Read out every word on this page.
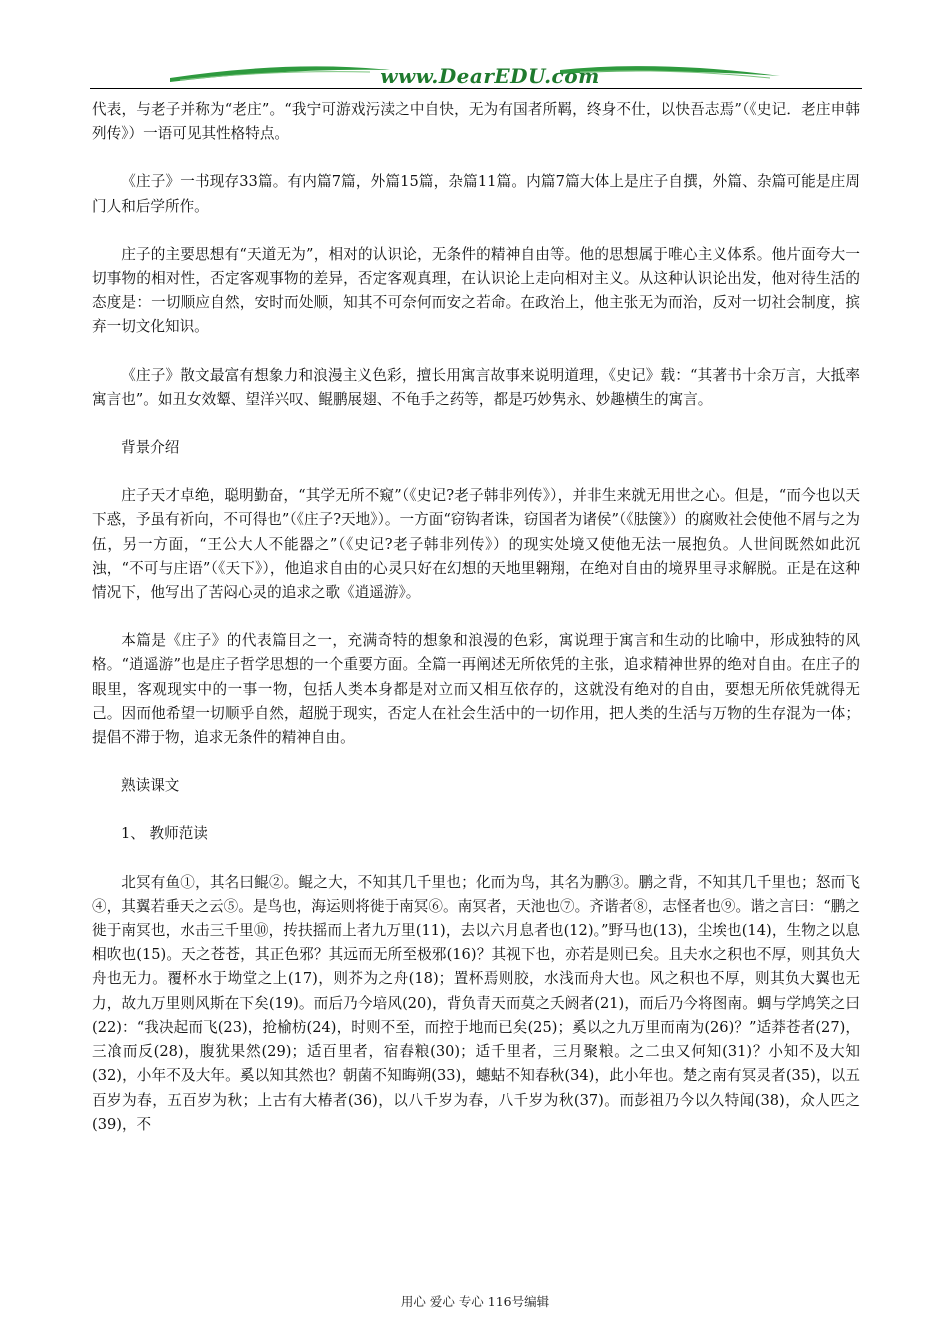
www.DearEDU.com

代表，与老子并称为“老庄”。“我宁可游戏污渎之中自快，无为有国者所羁，终身不仕，以快吾志焉”（《史记．老庄申韩列传》）一语可见其性格特点。

《庄子》一书现存33篇。有内篇7篇，外篇15篇，杂篇11篇。内篇7篇大体上是庄子自撰，外篇、杂篇可能是庄周门人和后学所作。

庄子的主要思想有“天道无为”，相对的认识论，无条件的精神自由等。他的思想属于唯心主义体系。他片面夸大一切事物的相对性，否定客观事物的差异，否定客观真理，在认识论上走向相对主义。从这种认识论出发，他对待生活的态度是：一切顺应自然，安时而处顺，知其不可奈何而安之若命。在政治上，他主张无为而治，反对一切社会制度，摈弃一切文化知识。

《庄子》散文最富有想象力和浪漫主义色彩，擅长用寓言故事来说明道理，《史记》载：“其著书十余万言，大抵率寓言也”。如丑女效颦、望洋兴叹、鲲鹏展翅、不龟手之药等，都是巧妙隽永、妙趣横生的寓言。

背景介绍

庄子天才卓绝，聪明勤奋，“其学无所不窥”（《史记?老子韩非列传》），并非生来就无用世之心。但是，“而今也以天下惑，予虽有祈向，不可得也”（《庄子?天地》）。一方面“窃钩者诛，窃国者为诸侯”（《胠箧》）的腐败社会使他不屑与之为伍，另一方面，“王公大人不能器之”（《史记?老子韩非列传》）的现实处境又使他无法一展抱负。人世间既然如此沉浊，“不可与庄语”（《天下》），他追求自由的心灵只好在幻想的天地里翱翔，在绝对自由的境界里寻求解脱。正是在这种情况下，他写出了苦闷心灵的追求之歌《逍遥游》。

本篇是《庄子》的代表篇目之一，充满奇特的想象和浪漫的色彩，寓说理于寓言和生动的比喻中，形成独特的风格。“逍遥游”也是庄子哲学思想的一个重要方面。全篇一再阐述无所依凭的主张，追求精神世界的绝对自由。在庄子的眼里，客观现实中的一事一物，包括人类本身都是对立而又相互依存的，这就没有绝对的自由，要想无所依凭就得无己。因而他希望一切顺乎自然，超脱于现实，否定人在社会生活中的一切作用，把人类的生活与万物的生存混为一体；提倡不滞于物，追求无条件的精神自由。

熟读课文
1、 教师范读

北冥有鱼①，其名曰鲲②。鲲之大，不知其几千里也；化而为鸟，其名为鹏③。鹏之背，不知其几千里也；怒而飞④，其翼若垂天之云⑤。是鸟也，海运则将徙于南冥⑥。南冥者，天池也⑦。齐谐者⑧，志怪者也⑨。谐之言曰：“鹏之徙于南冥也，水击三千里⑩，抟扶摇而上者九万里(11)，去以六月息者也(12)。”野马也(13)，尘埃也(14)，生物之以息相吹也(15)。天之苍苍，其正色邪？其远而无所至极邪(16)？其视下也，亦若是则已矣。且夫水之积也不厚，则其负大舟也无力。覆杯水于坳堂之上(17)，则芥为之舟(18)；置杯焉则胶，水浅而舟大也。风之积也不厚，则其负大翼也无力，故九万里则风斯在下矣(19)。而后乃今培风(20)，背负青天而莫之夭阏者(21)，而后乃今将图南。蜩与学鸠笑之曰(22)：“我决起而飞(23)，抢榆枋(24)，时则不至，而控于地而已矣(25)；奚以之九万里而南为(26)？”适莽苍者(27)，三飡而反(28)，腹犹果然(29)；适百里者，宿舂粮(30)；适千里者，三月聚粮。之二虫又何知(31)？小知不及大知(32)，小年不及大年。奚以知其然也？朝菌不知晦朔(33)，蟪蛄不知春秋(34)，此小年也。楚之南有冥灵者(35)，以五百岁为春，五百岁为秋；上古有大椿者(36)，以八千岁为春，八千岁为秋(37)。而彭祖乃今以久特闻(38)，众人匹之(39)，不

用心 爱心 专心 116号编辑
